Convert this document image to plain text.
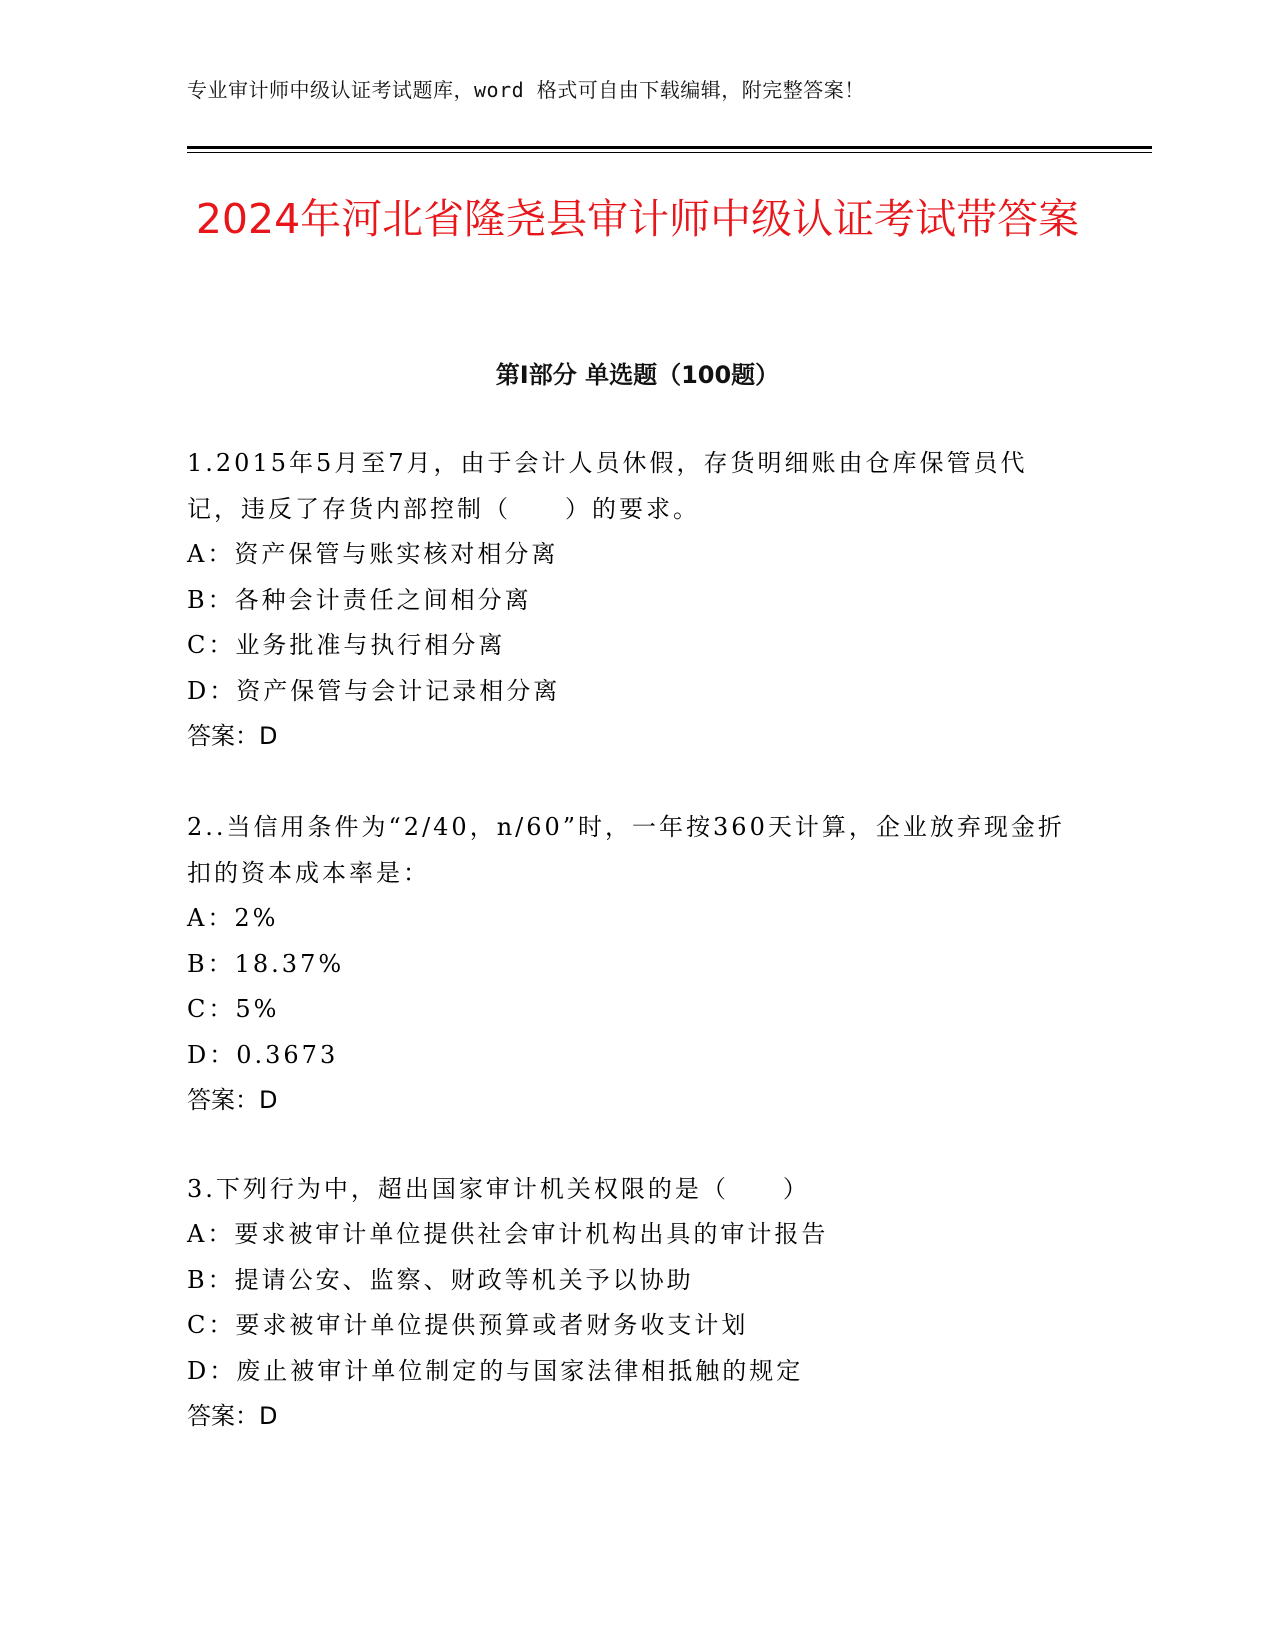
专业审计师中级认证考试题库，word 格式可自由下载编辑，附完整答案！
2024年河北省隆尧县审计师中级认证考试带答案
第Ⅰ部分 单选题（100题）

1.2015年5月至7月，由于会计人员休假，存货明细账由仓库保管员代记，违反了存货内部控制（　　）的要求。

A：资产保管与账实核对相分离

B：各种会计责任之间相分离

C：业务批准与执行相分离

D：资产保管与会计记录相分离

答案：D

2..当信用条件为“2/40，n/60”时，一年按360天计算，企业放弃现金折扣的资本成本率是：

A：2%

B：18.37%

C：5%

D：0.3673

答案：D

3.下列行为中，超出国家审计机关权限的是（　　）

A：要求被审计单位提供社会审计机构出具的审计报告

B：提请公安、监察、财政等机关予以协助

C：要求被审计单位提供预算或者财务收支计划

D：废止被审计单位制定的与国家法律相抵触的规定

答案：D
